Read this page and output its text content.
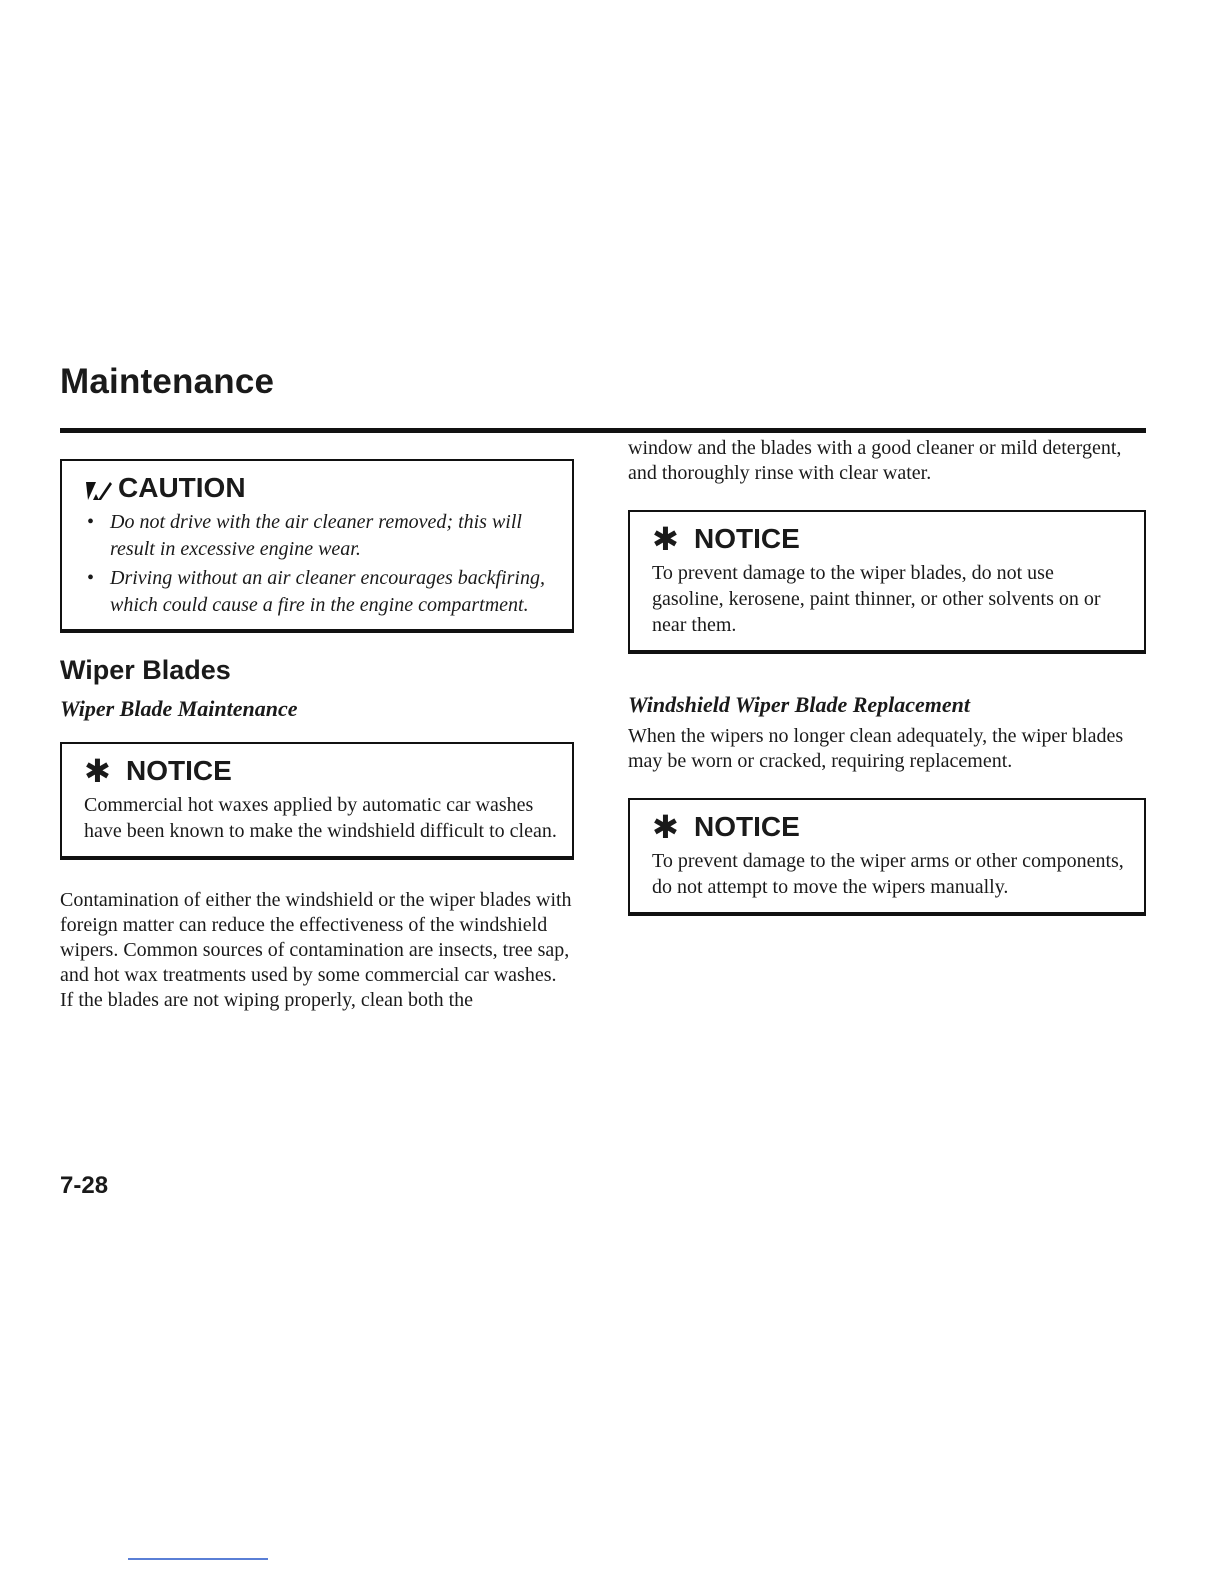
Maintenance
CAUTION
• Do not drive with the air cleaner removed; this will result in excessive engine wear.
• Driving without an air cleaner encourages backfiring, which could cause a fire in the engine compartment.
Wiper Blades
Wiper Blade Maintenance
✱ NOTICE
Commercial hot waxes applied by automatic car washes have been known to make the windshield difficult to clean.

Contamination of either the windshield or the wiper blades with foreign matter can reduce the effectiveness of the windshield wipers. Common sources of contamination are insects, tree sap, and hot wax treatments used by some commercial car washes. If the blades are not wiping properly, clean both the

window and the blades with a good cleaner or mild detergent, and thoroughly rinse with clear water.

✱ NOTICE
To prevent damage to the wiper blades, do not use gasoline, kerosene, paint thinner, or other solvents on or near them.
Windshield Wiper Blade Replacement

When the wipers no longer clean adequately, the wiper blades may be worn or cracked, requiring replacement.

✱ NOTICE
To prevent damage to the wiper arms or other components, do not attempt to move the wipers manually.
7-28
